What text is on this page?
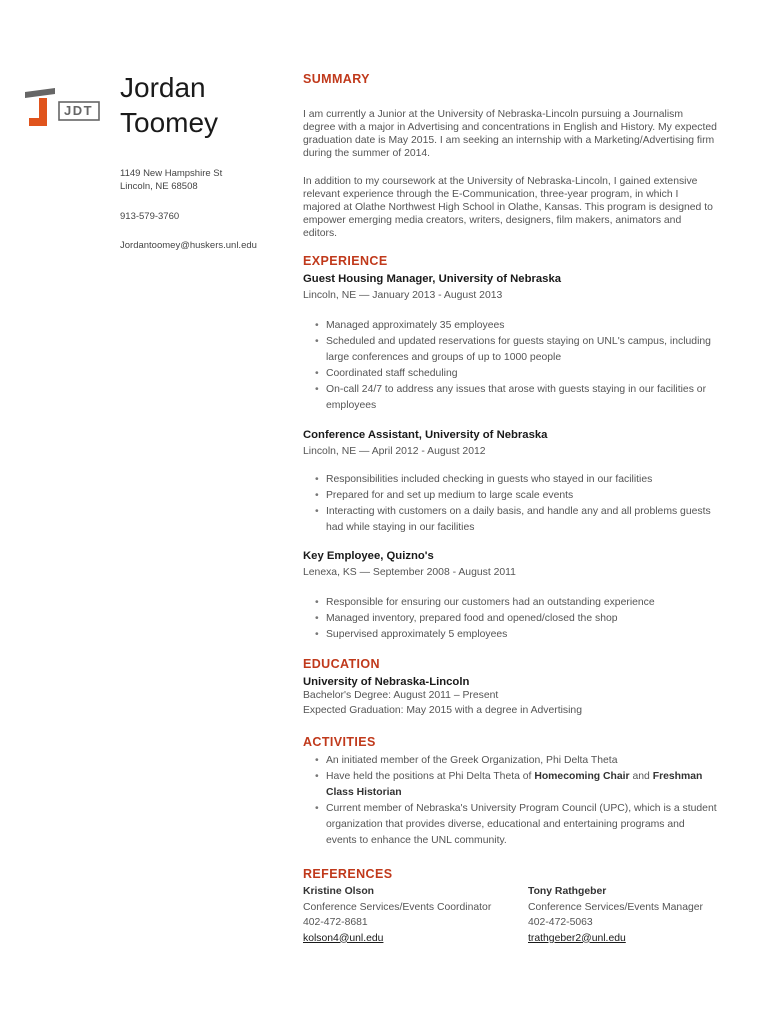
JDT
Jordan
Toomey
1149 New Hampshire St
Lincoln, NE 68508
913-579-3760
Jordantoomey@huskers.unl.edu
SUMMARY

I am currently a Junior at the University of Nebraska-Lincoln pursuing a Journalism degree with a major in Advertising and concentrations in English and History. My expected graduation date is May 2015. I am seeking an internship with a Marketing/Advertising firm during the summer of 2014.

In addition to my coursework at the University of Nebraska-Lincoln, I gained extensive relevant experience through the E-Communication, three-year program, in which I majored at Olathe Northwest High School in Olathe, Kansas. This program is designed to empower emerging media creators, writers, designers, film makers, animators and editors.

EXPERIENCE
Guest Housing Manager, University of Nebraska
Lincoln, NE — January 2013 - August 2013
• Managed approximately 35 employees
• Scheduled and updated reservations for guests staying on UNL's campus, including large conferences and groups of up to 1000 people
• Coordinated staff scheduling
• On-call 24/7 to address any issues that arose with guests staying in our facilities or employees
Conference Assistant, University of Nebraska
Lincoln, NE — April 2012 - August 2012
• Responsibilities included checking in guests who stayed in our facilities
• Prepared for and set up medium to large scale events
• Interacting with customers on a daily basis, and handle any and all problems guests had while staying in our facilities
Key Employee, Quizno's
Lenexa, KS — September 2008 - August 2011
• Responsible for ensuring our customers had an outstanding experience
• Managed inventory, prepared food and opened/closed the shop
• Supervised approximately 5 employees
EDUCATION
University of Nebraska-Lincoln
Bachelor's Degree: August 2011 – Present
Expected Graduation: May 2015 with a degree in Advertising
ACTIVITIES
• An initiated member of the Greek Organization, Phi Delta Theta
• Have held the positions at Phi Delta Theta of Homecoming Chair and Freshman Class Historian
• Current member of Nebraska's University Program Council (UPC), which is a student organization that provides diverse, educational and entertaining programs and events to enhance the UNL community.
REFERENCES
Kristine Olson
Conference Services/Events Coordinator
402-472-8681
kolson4@unl.edu
Tony Rathgeber
Conference Services/Events Manager
402-472-5063
trathgeber2@unl.edu
